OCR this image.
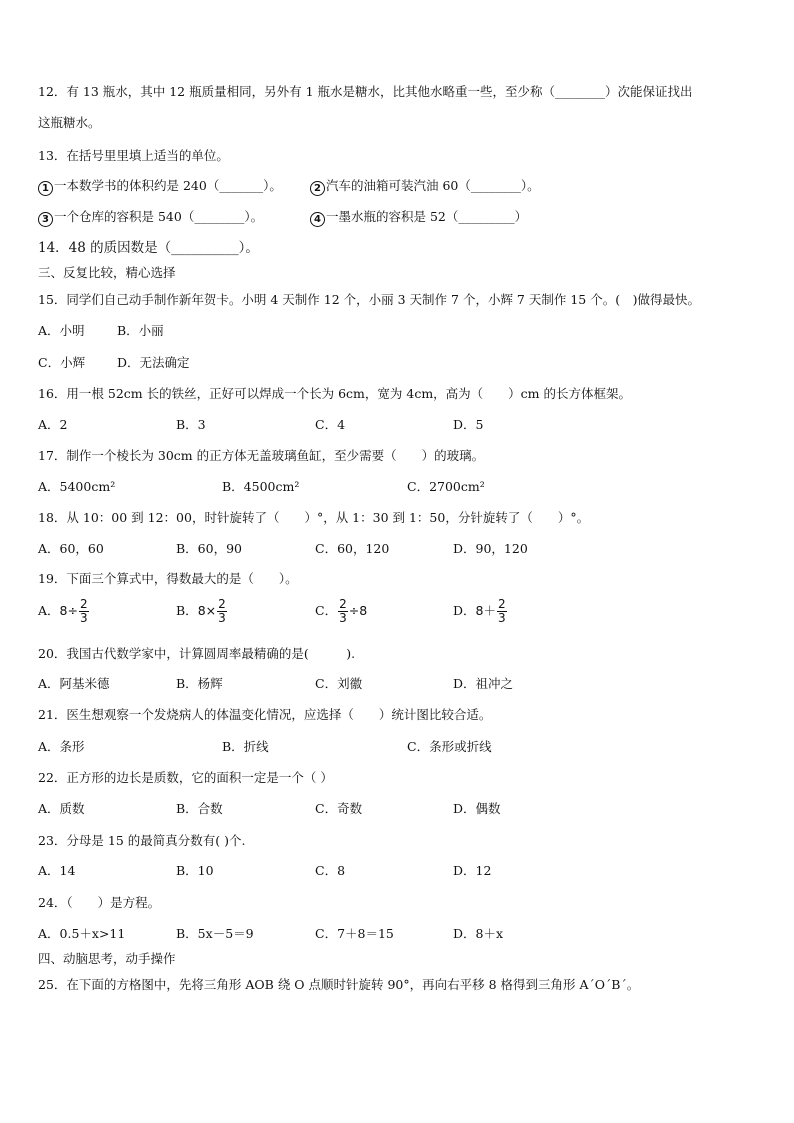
12．有 13 瓶水，其中 12 瓶质量相同，另外有 1 瓶水是糖水，比其他水略重一些，至少称（________）次能保证找出
这瓶糖水。
13．在括号里里填上适当的单位。
1 一本数学书的体积约是 240（_______）。	2 汽车的油箱可装汽油 60（________）。
3 一个仓库的容积是 540（________）。	4 一墨水瓶的容积是 52（_________）
14．48 的质因数是（__________）。
三、反复比较，精心选择
15．同学们自己动手制作新年贺卡。小明 4 天制作 12 个，小丽 3 天制作 7 个，小辉 7 天制作 15 个。(　)做得最快。
A．小明	B．小丽
C．小辉	D．无法确定
16．用一根 52cm 长的铁丝，正好可以焊成一个长为 6cm，宽为 4cm，高为（　　）cm 的长方体框架。
A．2	B．3	C．4	D．5
17．制作一个棱长为 30cm 的正方体无盖玻璃鱼缸，至少需要（　　）的玻璃。
A．5400cm²	B．4500cm²	C．2700cm²
18．从 10：00 到 12：00，时针旋转了（　　）°，从 1：30 到 1：50，分针旋转了（　　）°。
A．60，60	B．60，90	C．60，120	D．90，120
19．下面三个算式中，得数最大的是（　　）。
A．$8\div \frac{2}{3}$	B．$8\times \frac{2}{3}$	C． $\frac{2}{3} \div 8$	D．$8+ \frac{2}{3}$
20．我国古代数学家中，计算圆周率最精确的是(　　　).
A．阿基米德	B．杨辉	C．刘徽	D．祖冲之
21．医生想观察一个发烧病人的体温变化情况，应选择（　　）统计图比较合适。
A．条形	B．折线	C．条形或折线
22．正方形的边长是质数，它的面积一定是一个（ ）
A．质数	B．合数	C．奇数	D．偶数
23．分母是 15 的最简真分数有( )个.
A．14	B．10	C．8	D．12
24．（　　）是方程。
A．0.5＋x>11	B．5x－5＝9	C．7＋8＝15	D．8＋x
四、动脑思考，动手操作
25．在下面的方格图中，先将三角形 AOB 绕 O 点顺时针旋转 90°，再向右平移 8 格得到三角形 A´O´B´。
